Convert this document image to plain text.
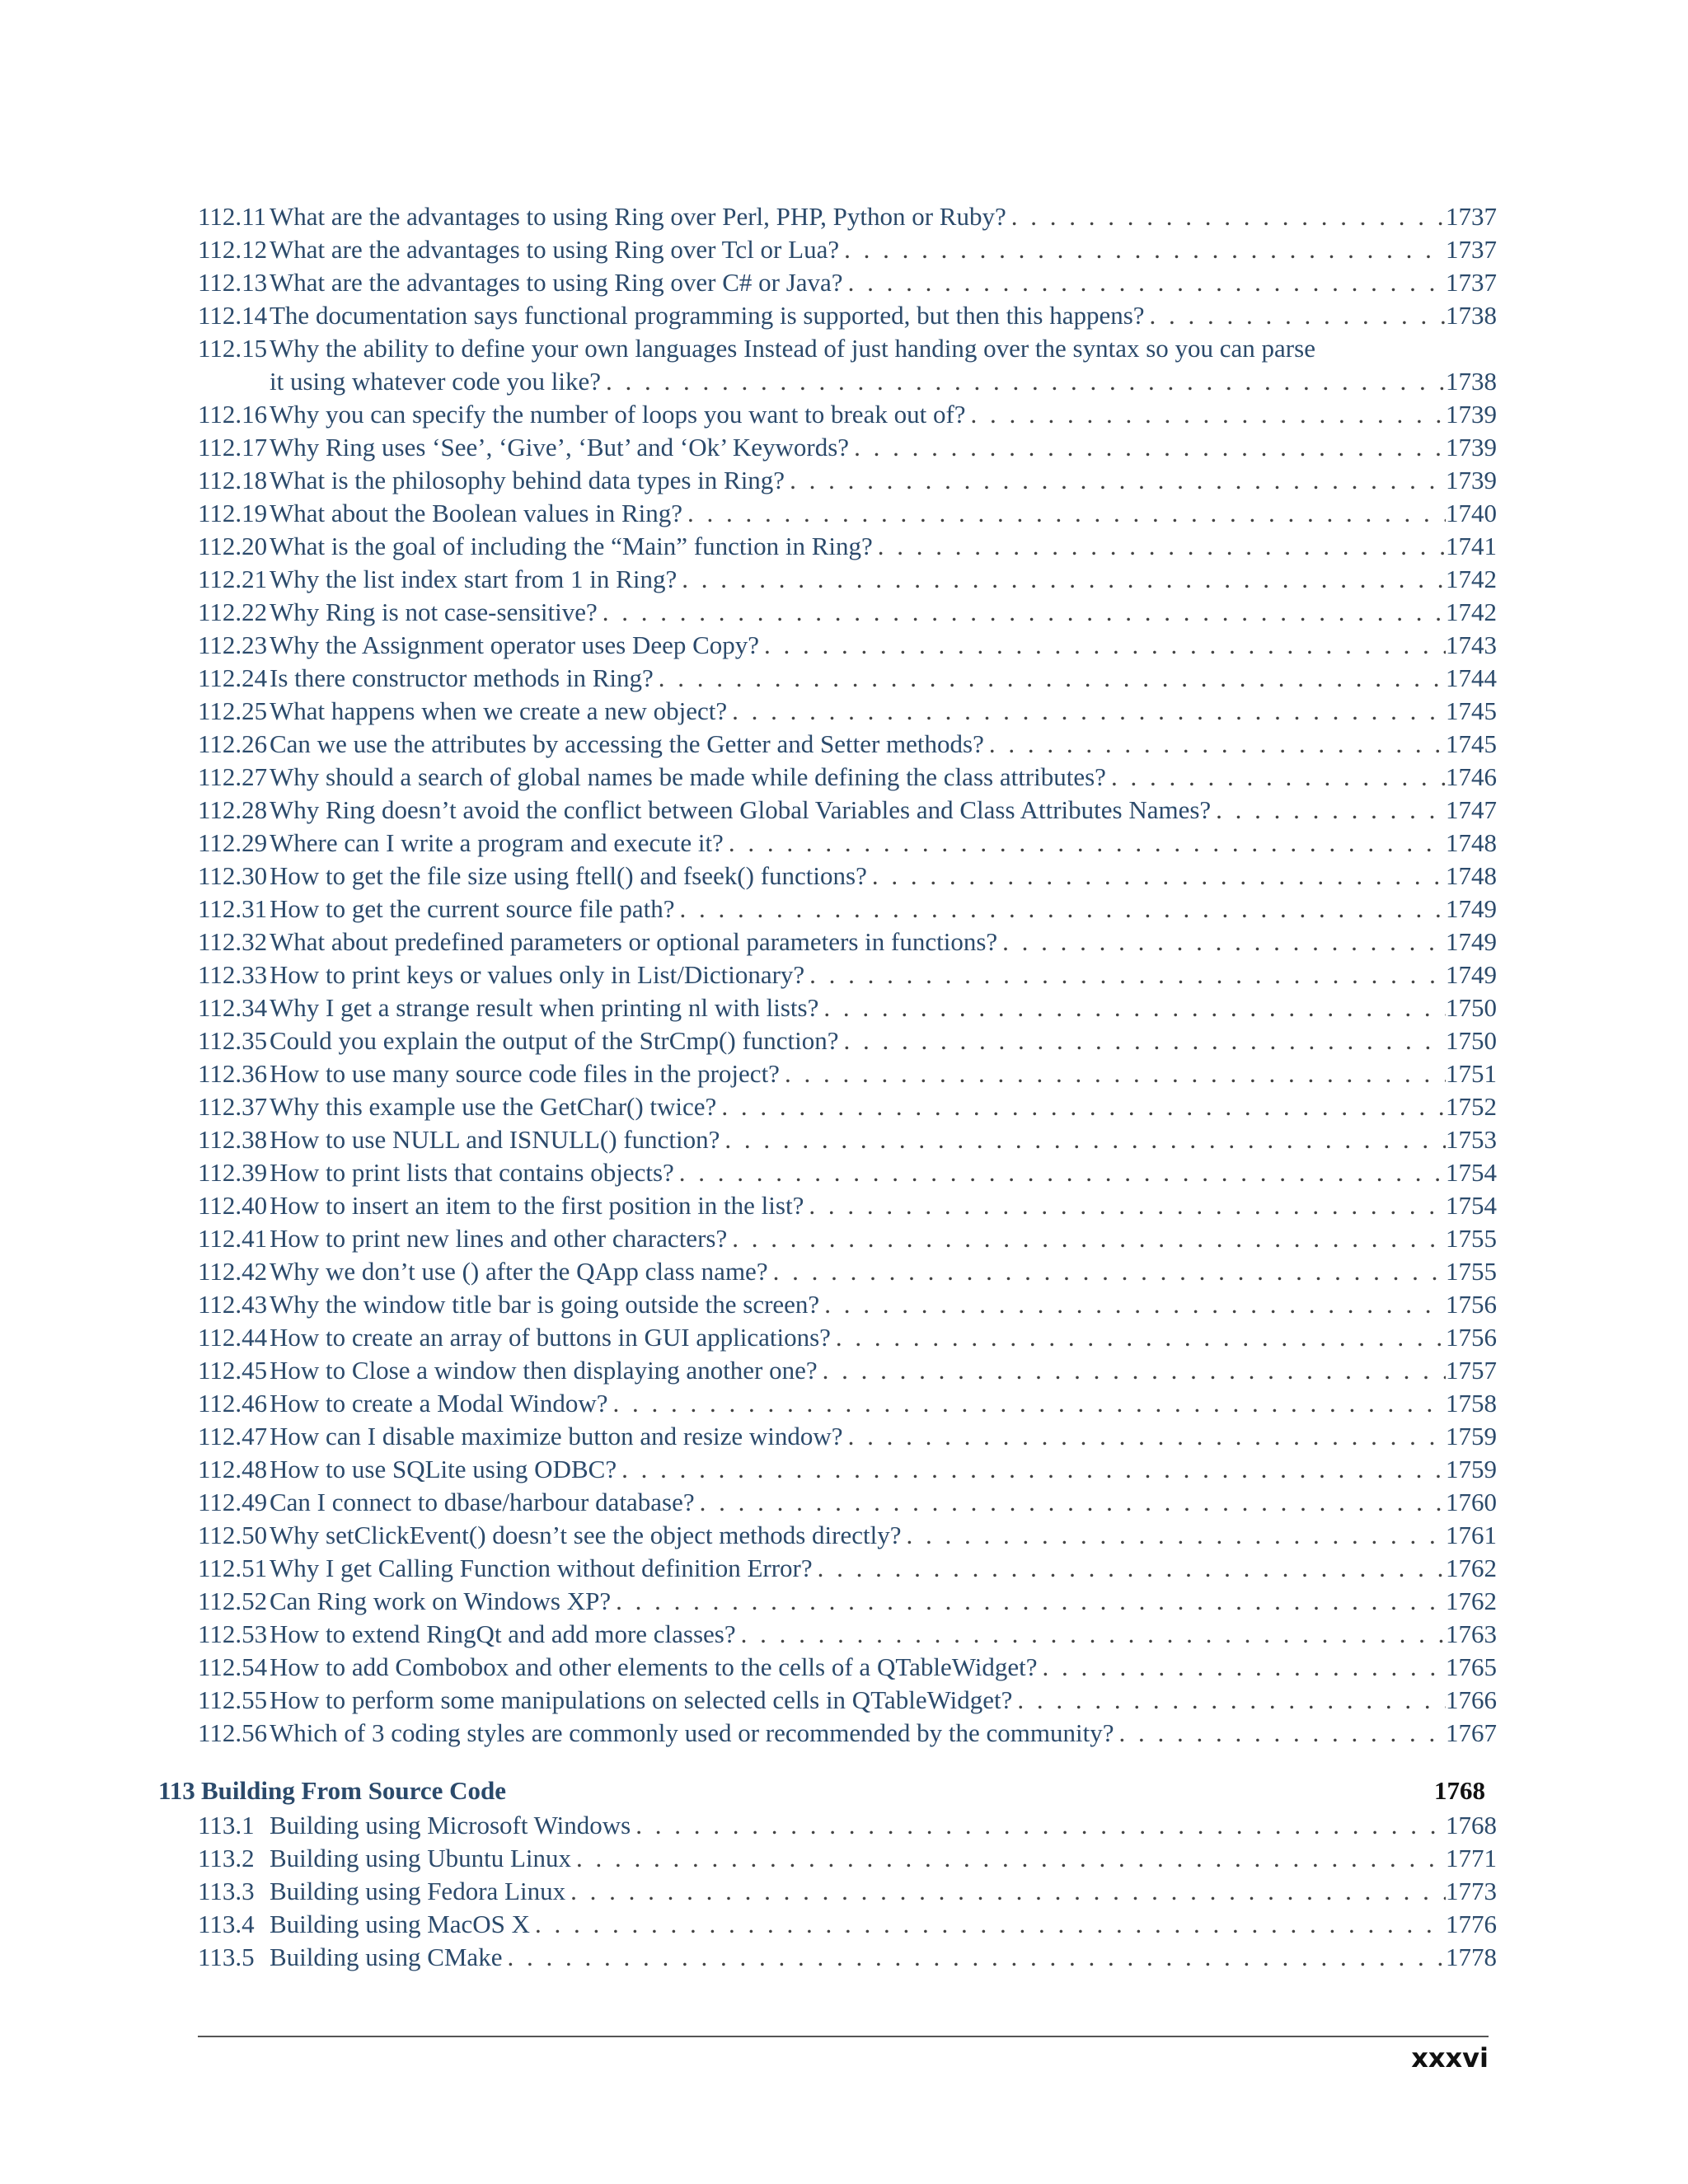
112.11 What are the advantages to using Ring over Perl, PHP, Python or Ruby? . . .	1737
112.12 What are the advantages to using Ring over Tcl or Lua? . . .	1737
112.13 What are the advantages to using Ring over C# or Java? . . .	1737
112.14 The documentation says functional programming is supported, but then this happens? . . .	1738
112.15 Why the ability to define your own languages Instead of just handing over the syntax so you can parse
it using whatever code you like? . . .	1738
112.16 Why you can specify the number of loops you want to break out of? . . .	1739
112.17 Why Ring uses ‘See’, ‘Give’, ‘But’ and ‘Ok’ Keywords? . . .	1739
112.18 What is the philosophy behind data types in Ring? . . .	1739
112.19 What about the Boolean values in Ring? . . .	1740
112.20 What is the goal of including the “Main” function in Ring? . . .	1741
112.21 Why the list index start from 1 in Ring? . . .	1742
112.22 Why Ring is not case-sensitive? . . .	1742
112.23 Why the Assignment operator uses Deep Copy? . . .	1743
112.24 Is there constructor methods in Ring? . . .	1744
112.25 What happens when we create a new object? . . .	1745
112.26 Can we use the attributes by accessing the Getter and Setter methods? . . .	1745
112.27 Why should a search of global names be made while defining the class attributes? . . .	1746
112.28 Why Ring doesn’t avoid the conflict between Global Variables and Class Attributes Names? . . .	1747
112.29 Where can I write a program and execute it? . . .	1748
112.30 How to get the file size using ftell() and fseek() functions? . . .	1748
112.31 How to get the current source file path? . . .	1749
112.32 What about predefined parameters or optional parameters in functions? . . .	1749
112.33 How to print keys or values only in List/Dictionary? . . .	1749
112.34 Why I get a strange result when printing nl with lists? . . .	1750
112.35 Could you explain the output of the StrCmp() function? . . .	1750
112.36 How to use many source code files in the project? . . .	1751
112.37 Why this example use the GetChar() twice? . . .	1752
112.38 How to use NULL and ISNULL() function? . . .	1753
112.39 How to print lists that contains objects? . . .	1754
112.40 How to insert an item to the first position in the list? . . .	1754
112.41 How to print new lines and other characters? . . .	1755
112.42 Why we don’t use () after the QApp class name? . . .	1755
112.43 Why the window title bar is going outside the screen? . . .	1756
112.44 How to create an array of buttons in GUI applications? . . .	1756
112.45 How to Close a window then displaying another one? . . .	1757
112.46 How to create a Modal Window? . . .	1758
112.47 How can I disable maximize button and resize window? . . .	1759
112.48 How to use SQLite using ODBC? . . .	1759
112.49 Can I connect to dbase/harbour database? . . .	1760
112.50 Why setClickEvent() doesn’t see the object methods directly? . . .	1761
112.51 Why I get Calling Function without definition Error? . . .	1762
112.52 Can Ring work on Windows XP? . . .	1762
112.53 How to extend RingQt and add more classes? . . .	1763
112.54 How to add Combobox and other elements to the cells of a QTableWidget? . . .	1765
112.55 How to perform some manipulations on selected cells in QTableWidget? . . .	1766
112.56 Which of 3 coding styles are commonly used or recommended by the community? . . .	1767
113 Building From Source Code	1768
113.1 Building using Microsoft Windows . . .	1768
113.2 Building using Ubuntu Linux . . .	1771
113.3 Building using Fedora Linux . . .	1773
113.4 Building using MacOS X . . .	1776
113.5 Building using CMake . . .	1778
xxxvi
